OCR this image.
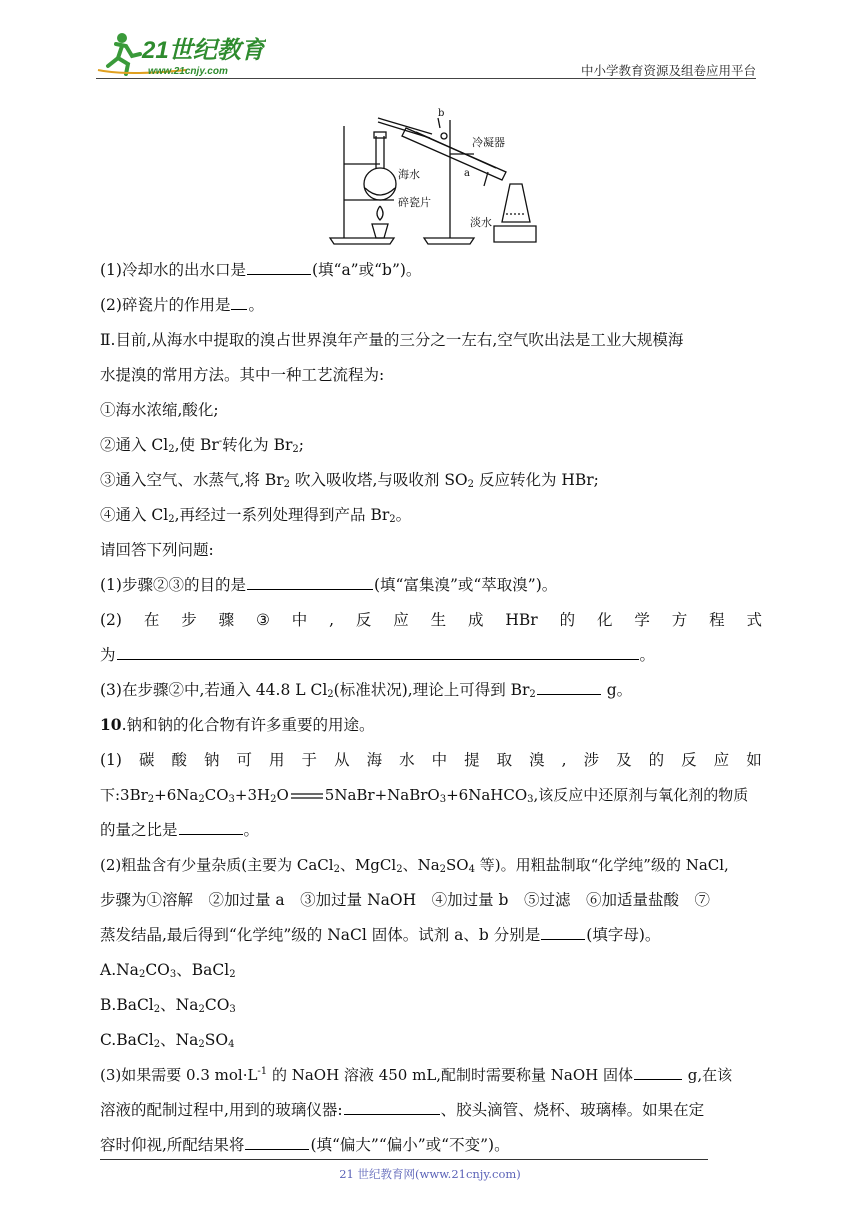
21世纪教育
www.21cnjy.com	中小学教育资源及组卷应用平台
b
a
冷凝器
海水
碎瓷片
淡水
(1)冷却水的出水口是	(填“a”或“b”)。
(2)碎瓷片的作用是 。
Ⅱ.目前,从海水中提取的溴占世界溴年产量的三分之一左右,空气吹出法是工业大规模海
水提溴的常用方法。其中一种工艺流程为:
①海水浓缩,酸化;
②通入 $Cl_2$,使 Br-转化为 $Br_2$;
③通入空气、水蒸气,将 $Br_2$ 吹入吸收塔,与吸收剂 $SO_2$ 反应转化为 HBr;
④通入 $Cl_2$,再经过一系列处理得到产品 $Br_2$。
请回答下列问题:
(1)步骤②③的目的是	(填“富集溴”或“萃取溴”)。
(2) 在 步 骤 ③ 中 , 反 应 生 成 HBr 的 化 学 方 程 式
为	。
(3)在步骤②中,若通入 44.8 L $Cl_2$(标准状况),理论上可得到 $Br_2$	g。
10.钠和钠的化合物有许多重要的用途。
(1) 碳 酸 钠 可 用 于 从 海 水 中 提 取 溴 , 涉 及 的 反 应 如
下$:3Br_2+6Na_2CO_3+3H_2O$ 5NaBr+NaBrO$_3$+6NaHCO$_3$,该反应中还原剂与氧化剂的物质
的量之比是	。
(2)粗盐含有少量杂质(主要为 CaCl$_2$、MgCl$_2$、$Na_2SO_4$ 等)。用粗盐制取“化学纯”级的 NaCl,
步骤为①溶解　②加过量 a　③加过量 NaOH　④加过量 b　⑤过滤　⑥加适量盐酸　⑦
蒸发结晶,最后得到“化学纯”级的 NaCl 固体。试剂 a、b 分别是	(填字母)。
$A.Na_2CO_3$、BaCl$_2$
B.BaCl$_2$、$Na_2CO_3$
C.BaCl$_2$、$Na_2SO_4$
(3)如果需要 0.3 $mol\cdot L^{-1}$ 的 NaOH 溶液 450 mL,配制时需要称量 NaOH 固体	g,在该
溶液的配制过程中,用到的玻璃仪器:	、胶头滴管、烧杯、玻璃棒。如果在定
容时仰视,所配结果将	(填“偏大”“偏小”或“不变”)。
21 世纪教育网(www.21cnjy.com)
